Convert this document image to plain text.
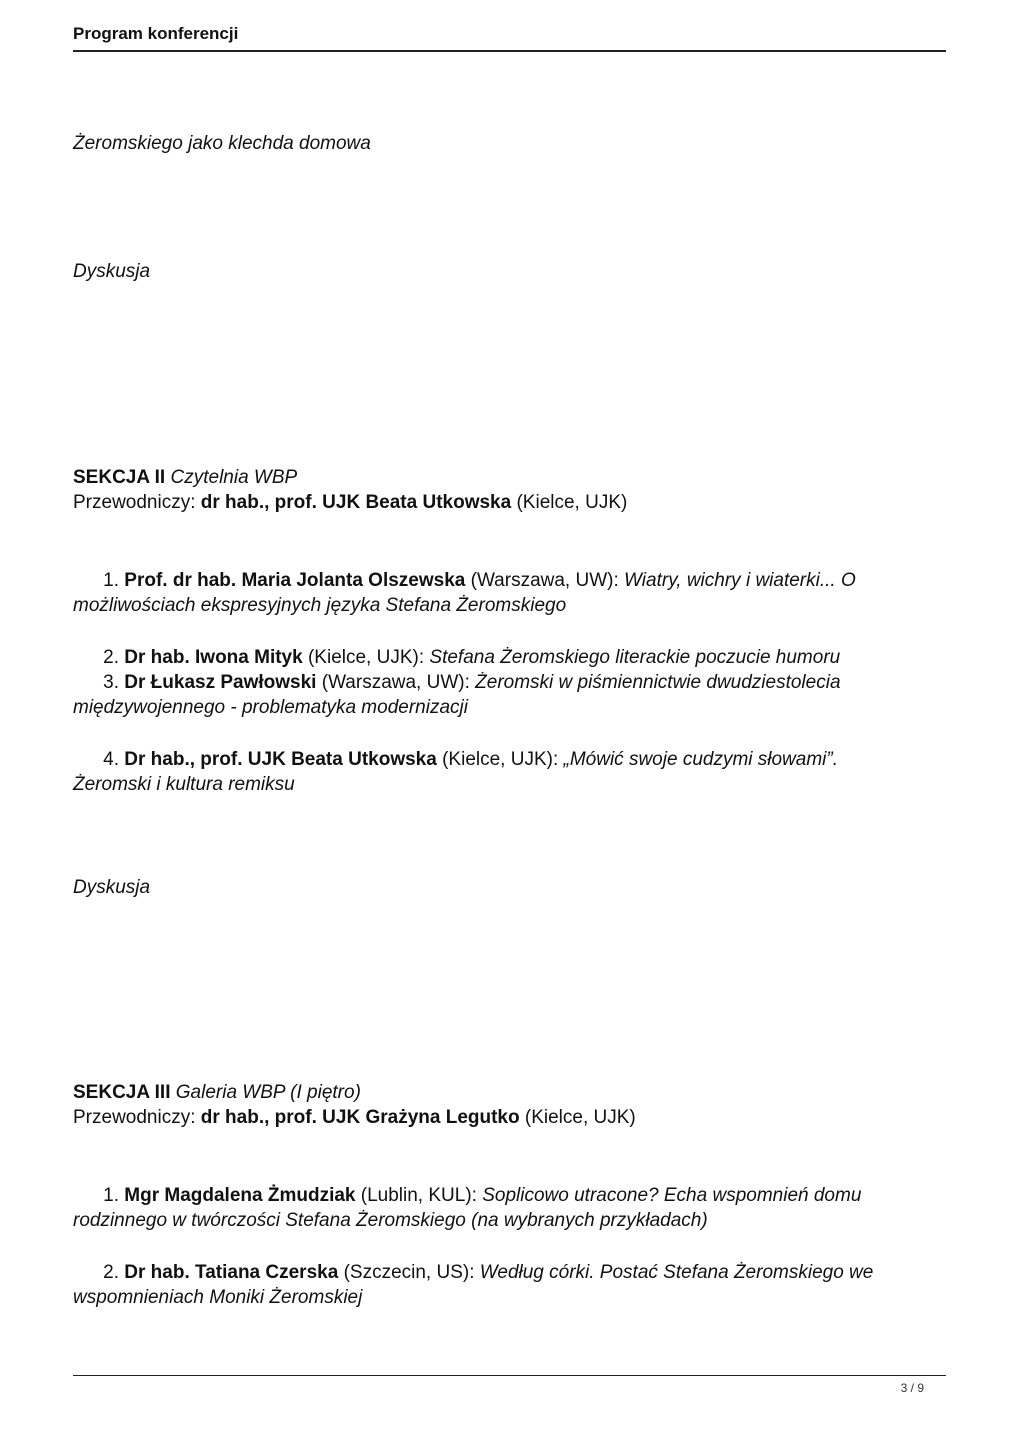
Program konferencji
Żeromskiego jako klechda domowa
Dyskusja
SEKCJA II Czytelnia WBP
Przewodniczy: dr hab., prof. UJK Beata Utkowska (Kielce, UJK)
1. Prof. dr hab. Maria Jolanta Olszewska (Warszawa, UW): Wiatry, wichry i wiaterki... O
możliwościach ekspresyjnych języka Stefana Żeromskiego
2. Dr hab. Iwona Mityk (Kielce, UJK): Stefana Żeromskiego literackie poczucie humoru
3. Dr Łukasz Pawłowski (Warszawa, UW): Żeromski w piśmiennictwie dwudziestolecia
międzywojennego - problematyka modernizacji
4. Dr hab., prof. UJK Beata Utkowska (Kielce, UJK): „Mówić swoje cudzymi słowami”.
Żeromski i kultura remiksu
Dyskusja
SEKCJA III Galeria WBP (I piętro)
Przewodniczy: dr hab., prof. UJK Grażyna Legutko (Kielce, UJK)
1. Mgr Magdalena Żmudziak (Lublin, KUL): Soplicowo utracone? Echa wspomnień domu
rodzinnego w twórczości Stefana Żeromskiego (na wybranych przykładach)
2. Dr hab. Tatiana Czerska (Szczecin, US): Według córki. Postać Stefana Żeromskiego we
wspomnieniach Moniki Żeromskiej
3 / 9
